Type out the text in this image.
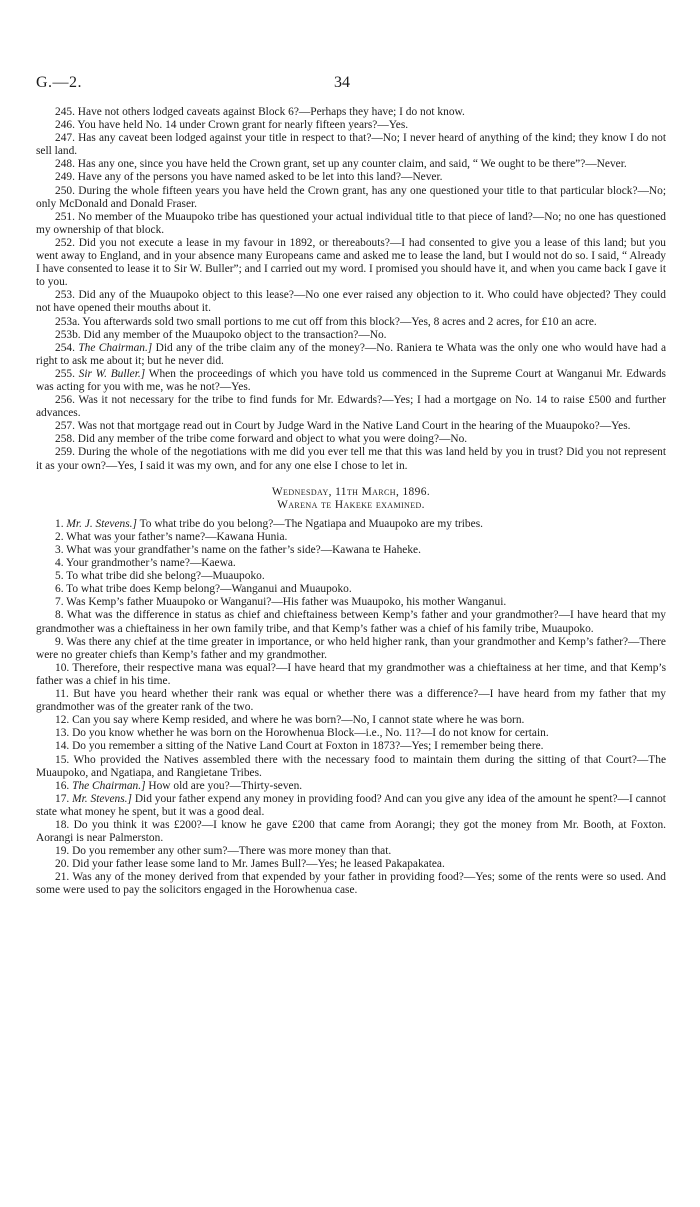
G.—2.	34

245. Have not others lodged caveats against Block 6?—Perhaps they have; I do not know.

246. You have held No. 14 under Crown grant for nearly fifteen years?—Yes.

247. Has any caveat been lodged against your title in respect to that?—No; I never heard of anything of the kind; they know I do not sell land.

248. Has any one, since you have held the Crown grant, set up any counter claim, and said, “ We ought to be there”?—Never.

249. Have any of the persons you have named asked to be let into this land?—Never.

250. During the whole fifteen years you have held the Crown grant, has any one questioned your title to that particular block?—No; only McDonald and Donald Fraser.

251. No member of the Muaupoko tribe has questioned your actual individual title to that piece of land?—No; no one has questioned my ownership of that block.

252. Did you not execute a lease in my favour in 1892, or thereabouts?—I had consented to give you a lease of this land; but you went away to England, and in your absence many Europeans came and asked me to lease the land, but I would not do so. I said, “ Already I have consented to lease it to Sir W. Buller”; and I carried out my word. I promised you should have it, and when you came back I gave it to you.

253. Did any of the Muaupoko object to this lease?—No one ever raised any objection to it. Who could have objected? They could not have opened their mouths about it.

253a. You afterwards sold two small portions to me cut off from this block?—Yes, 8 acres and 2 acres, for £10 an acre.

253b. Did any member of the Muaupoko object to the transaction?—No.

254. The Chairman.] Did any of the tribe claim any of the money?—No. Raniera te Whata was the only one who would have had a right to ask me about it; but he never did.

255. Sir W. Buller.] When the proceedings of which you have told us commenced in the Supreme Court at Wanganui Mr. Edwards was acting for you with me, was he not?—Yes.

256. Was it not necessary for the tribe to find funds for Mr. Edwards?—Yes; I had a mortgage on No. 14 to raise £500 and further advances.

257. Was not that mortgage read out in Court by Judge Ward in the Native Land Court in the hearing of the Muaupoko?—Yes.

258. Did any member of the tribe come forward and object to what you were doing?—No.

259. During the whole of the negotiations with me did you ever tell me that this was land held by you in trust? Did you not represent it as your own?—Yes, I said it was my own, and for any one else I chose to let in.

Wednesday, 11th March, 1896.

Warena te Hakeke examined.

1. Mr. J. Stevens.] To what tribe do you belong?—The Ngatiapa and Muaupoko are my tribes.

2. What was your father’s name?—Kawana Hunia.

3. What was your grandfather’s name on the father’s side?—Kawana te Haheke.

4. Your grandmother’s name?—Kaewa.

5. To what tribe did she belong?—Muaupoko.

6. To what tribe does Kemp belong?—Wanganui and Muaupoko.

7. Was Kemp’s father Muaupoko or Wanganui?—His father was Muaupoko, his mother Wanganui.

8. What was the difference in status as chief and chieftainess between Kemp’s father and your grandmother?—I have heard that my grandmother was a chieftainess in her own family tribe, and that Kemp’s father was a chief of his family tribe, Muaupoko.

9. Was there any chief at the time greater in importance, or who held higher rank, than your grandmother and Kemp’s father?—There were no greater chiefs than Kemp’s father and my grandmother.

10. Therefore, their respective mana was equal?—I have heard that my grandmother was a chieftainess at her time, and that Kemp’s father was a chief in his time.

11. But have you heard whether their rank was equal or whether there was a difference?—I have heard from my father that my grandmother was of the greater rank of the two.

12. Can you say where Kemp resided, and where he was born?—No, I cannot state where he was born.

13. Do you know whether he was born on the Horowhenua Block—i.e., No. 11?—I do not know for certain.

14. Do you remember a sitting of the Native Land Court at Foxton in 1873?—Yes; I remember being there.

15. Who provided the Natives assembled there with the necessary food to maintain them during the sitting of that Court?—The Muaupoko, and Ngatiapa, and Rangietane Tribes.

16. The Chairman.] How old are you?—Thirty-seven.

17. Mr. Stevens.] Did your father expend any money in providing food? And can you give any idea of the amount he spent?—I cannot state what money he spent, but it was a good deal.

18. Do you think it was £200?—I know he gave £200 that came from Aorangi; they got the money from Mr. Booth, at Foxton. Aorangi is near Palmerston.

19. Do you remember any other sum?—There was more money than that.

20. Did your father lease some land to Mr. James Bull?—Yes; he leased Pakapakatea.

21. Was any of the money derived from that expended by your father in providing food?—Yes; some of the rents were so used. And some were used to pay the solicitors engaged in the Horowhenua case.
